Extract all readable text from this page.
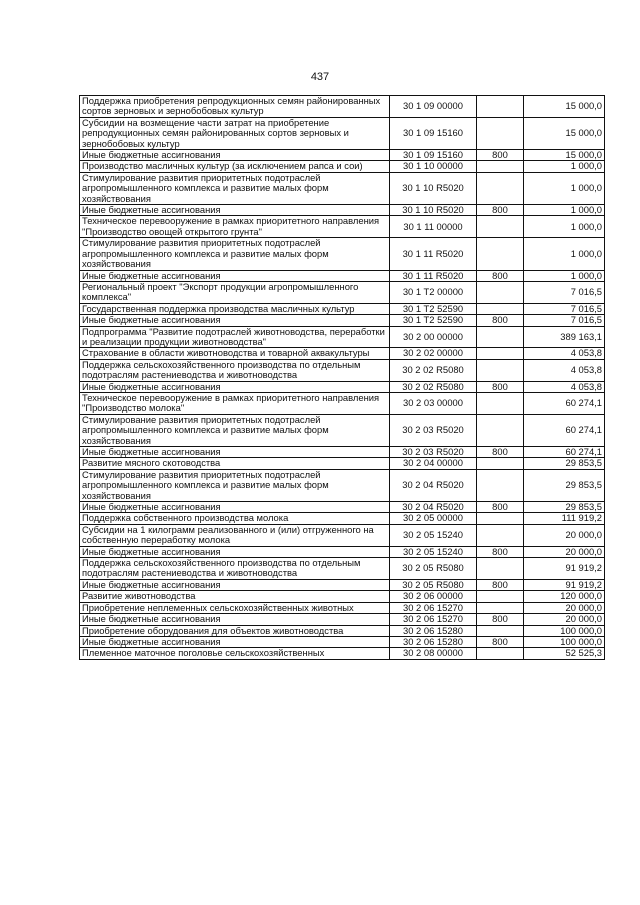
437
Поддержка приобретения репродукционных семян районированных сортов зерновых и зернобобовых культур	30 1 09 00000		15 000,0
Субсидии на возмещение части затрат на приобретение репродукционных семян районированных сортов зерновых и зернобобовых культур	30 1 09 15160		15 000,0
Иные бюджетные ассигнования	30 1 09 15160	800	15 000,0
Производство масличных культур (за исключением рапса и сои)	30 1 10 00000		1 000,0
Стимулирование развития приоритетных подотраслей агропромышленного комплекса и развитие малых форм хозяйствования	30 1 10 R5020		1 000,0
Иные бюджетные ассигнования	30 1 10 R5020	800	1 000,0
Техническое перевооружение в рамках приоритетного направления "Производство овощей открытого грунта"	30 1 11 00000		1 000,0
Стимулирование развития приоритетных подотраслей агропромышленного комплекса и развитие малых форм хозяйствования	30 1 11 R5020		1 000,0
Иные бюджетные ассигнования	30 1 11 R5020	800	1 000,0
Региональный проект "Экспорт продукции агропромышленного комплекса"	30 1 T2 00000		7 016,5
Государственная поддержка производства масличных культур	30 1 T2 52590		7 016,5
Иные бюджетные ассигнования	30 1 T2 52590	800	7 016,5
Подпрограмма "Развитие подотраслей животноводства, переработки и реализации продукции животноводства"	30 2 00 00000		389 163,1
Страхование в области животноводства и товарной аквакультуры	30 2 02 00000		4 053,8
Поддержка сельскохозяйственного производства по отдельным подотраслям растениеводства и животноводства	30 2 02 R5080		4 053,8
Иные бюджетные ассигнования	30 2 02 R5080	800	4 053,8
Техническое перевооружение в рамках приоритетного направления "Производство молока"	30 2 03 00000		60 274,1
Стимулирование развития приоритетных подотраслей агропромышленного комплекса и развитие малых форм хозяйствования	30 2 03 R5020		60 274,1
Иные бюджетные ассигнования	30 2 03 R5020	800	60 274,1
Развитие мясного скотоводства	30 2 04 00000		29 853,5
Стимулирование развития приоритетных подотраслей агропромышленного комплекса и развитие малых форм хозяйствования	30 2 04 R5020		29 853,5
Иные бюджетные ассигнования	30 2 04 R5020	800	29 853,5
Поддержка собственного производства молока	30 2 05 00000		111 919,2
Субсидии на 1 килограмм реализованного и (или) отгруженного на собственную переработку молока	30 2 05 15240		20 000,0
Иные бюджетные ассигнования	30 2 05 15240	800	20 000,0
Поддержка сельскохозяйственного производства по отдельным подотраслям растениеводства и животноводства	30 2 05 R5080		91 919,2
Иные бюджетные ассигнования	30 2 05 R5080	800	91 919,2
Развитие животноводства	30 2 06 00000		120 000,0
Приобретение неплеменных сельскохозяйственных животных	30 2 06 15270		20 000,0
Иные бюджетные ассигнования	30 2 06 15270	800	20 000,0
Приобретение оборудования для объектов животноводства	30 2 06 15280		100 000,0
Иные бюджетные ассигнования	30 2 06 15280	800	100 000,0
Племенное маточное поголовье сельскохозяйственных	30 2 08 00000		52 525,3
